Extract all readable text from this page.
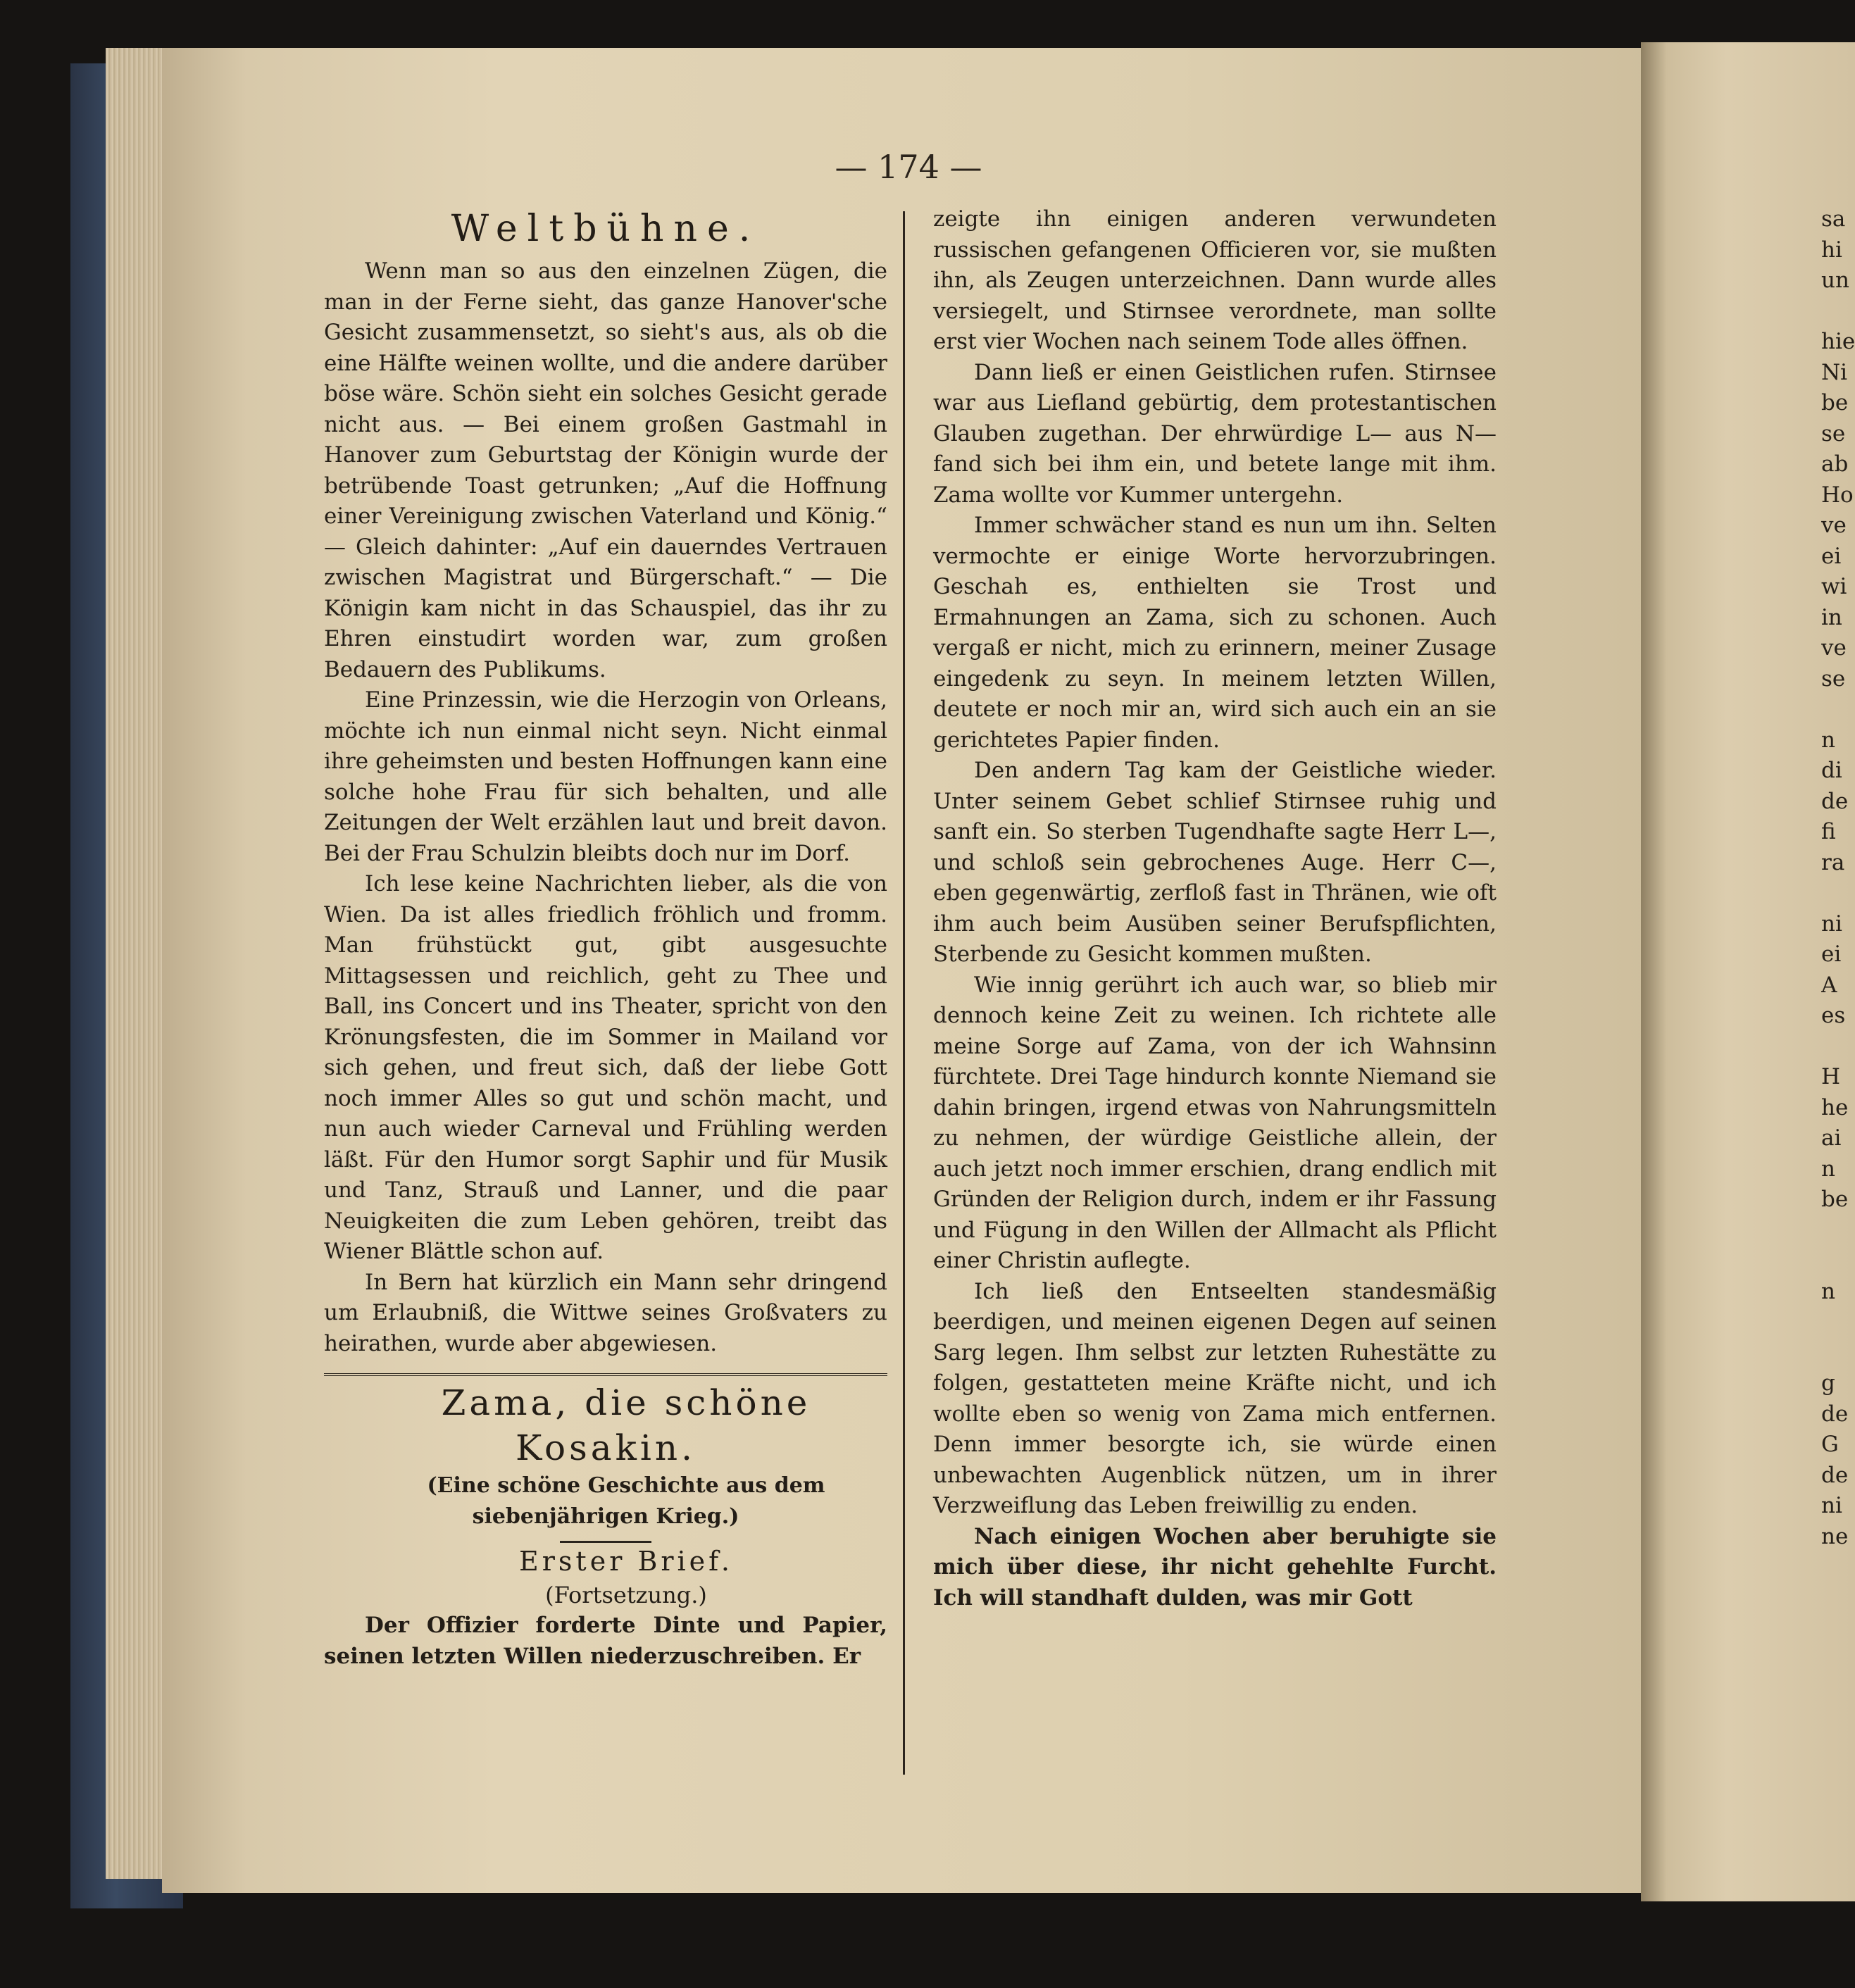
— 174 —

Weltbühne.

Wenn man so aus den einzelnen Zügen, die man in der Ferne sieht, das ganze Hanover'sche Gesicht zusammensetzt, so sieht's aus, als ob die eine Hälfte weinen wollte, und die andere darüber böse wäre. Schön sieht ein solches Gesicht gerade nicht aus. — Bei einem großen Gastmahl in Hanover zum Geburtstag der Königin wurde der betrübende Toast getrunken; „Auf die Hoffnung einer Vereinigung zwischen Vaterland und König.“ — Gleich dahinter: „Auf ein dauerndes Vertrauen zwischen Magistrat und Bürgerschaft.“ — Die Königin kam nicht in das Schauspiel, das ihr zu Ehren einstudirt worden war, zum großen Bedauern des Publikums.

Eine Prinzessin, wie die Herzogin von Orleans, möchte ich nun einmal nicht seyn. Nicht einmal ihre geheimsten und besten Hoffnungen kann eine solche hohe Frau für sich behalten, und alle Zeitungen der Welt erzählen laut und breit davon. Bei der Frau Schulzin bleibts doch nur im Dorf.

Ich lese keine Nachrichten lieber, als die von Wien. Da ist alles friedlich fröhlich und fromm. Man frühstückt gut, gibt ausgesuchte Mittagsessen und reichlich, geht zu Thee und Ball, ins Concert und ins Theater, spricht von den Krönungsfesten, die im Sommer in Mailand vor sich gehen, und freut sich, daß der liebe Gott noch immer Alles so gut und schön macht, und nun auch wieder Carneval und Frühling werden läßt. Für den Humor sorgt Saphir und für Musik und Tanz, Strauß und Lanner, und die paar Neuigkeiten die zum Leben gehören, treibt das Wiener Blättle schon auf.

In Bern hat kürzlich ein Mann sehr dringend um Erlaubniß, die Wittwe seines Großvaters zu heirathen, wurde aber abgewiesen.

Zama, die schöne Kosakin.

(Eine schöne Geschichte aus dem siebenjährigen Krieg.)

Erster Brief.

(Fortsetzung.)

Der Offizier forderte Dinte und Papier, seinen letzten Willen niederzuschreiben. Er

zeigte ihn einigen anderen verwundeten russischen gefangenen Officieren vor, sie mußten ihn, als Zeugen unterzeichnen. Dann wurde alles versiegelt, und Stirnsee verordnete, man sollte erst vier Wochen nach seinem Tode alles öffnen.

Dann ließ er einen Geistlichen rufen. Stirnsee war aus Liefland gebürtig, dem protestantischen Glauben zugethan. Der ehrwürdige L— aus N— fand sich bei ihm ein, und betete lange mit ihm. Zama wollte vor Kummer untergehn.

Immer schwächer stand es nun um ihn. Selten vermochte er einige Worte hervorzubringen. Geschah es, enthielten sie Trost und Ermahnungen an Zama, sich zu schonen. Auch vergaß er nicht, mich zu erinnern, meiner Zusage eingedenk zu seyn. In meinem letzten Willen, deutete er noch mir an, wird sich auch ein an sie gerichtetes Papier finden.

Den andern Tag kam der Geistliche wieder. Unter seinem Gebet schlief Stirnsee ruhig und sanft ein. So sterben Tugendhafte sagte Herr L—, und schloß sein gebrochenes Auge. Herr C—, eben gegenwärtig, zerfloß fast in Thränen, wie oft ihm auch beim Ausüben seiner Berufspflichten, Sterbende zu Gesicht kommen mußten.

Wie innig gerührt ich auch war, so blieb mir dennoch keine Zeit zu weinen. Ich richtete alle meine Sorge auf Zama, von der ich Wahnsinn fürchtete. Drei Tage hindurch konnte Niemand sie dahin bringen, irgend etwas von Nahrungsmitteln zu nehmen, der würdige Geistliche allein, der auch jetzt noch immer erschien, drang endlich mit Gründen der Religion durch, indem er ihr Fassung und Fügung in den Willen der Allmacht als Pflicht einer Christin auflegte.

Ich ließ den Entseelten standesmäßig beerdigen, und meinen eigenen Degen auf seinen Sarg legen. Ihm selbst zur letzten Ruhestätte zu folgen, gestatteten meine Kräfte nicht, und ich wollte eben so wenig von Zama mich entfernen. Denn immer besorgte ich, sie würde einen unbewachten Augenblick nützen, um in ihrer Verzweiflung das Leben freiwillig zu enden.

Nach einigen Wochen aber beruhigte sie mich über diese, ihr nicht gehehlte Furcht. Ich will standhaft dulden, was mir Gott

sa
hi
un
hie
Ni
be
se
ab
Ho
ve
ei
wi
in
ve
se
n
di
de
fi
ra
ni
ei
A
es
H
he
ai
n
be
n
g
de
G
de
ni
ne
